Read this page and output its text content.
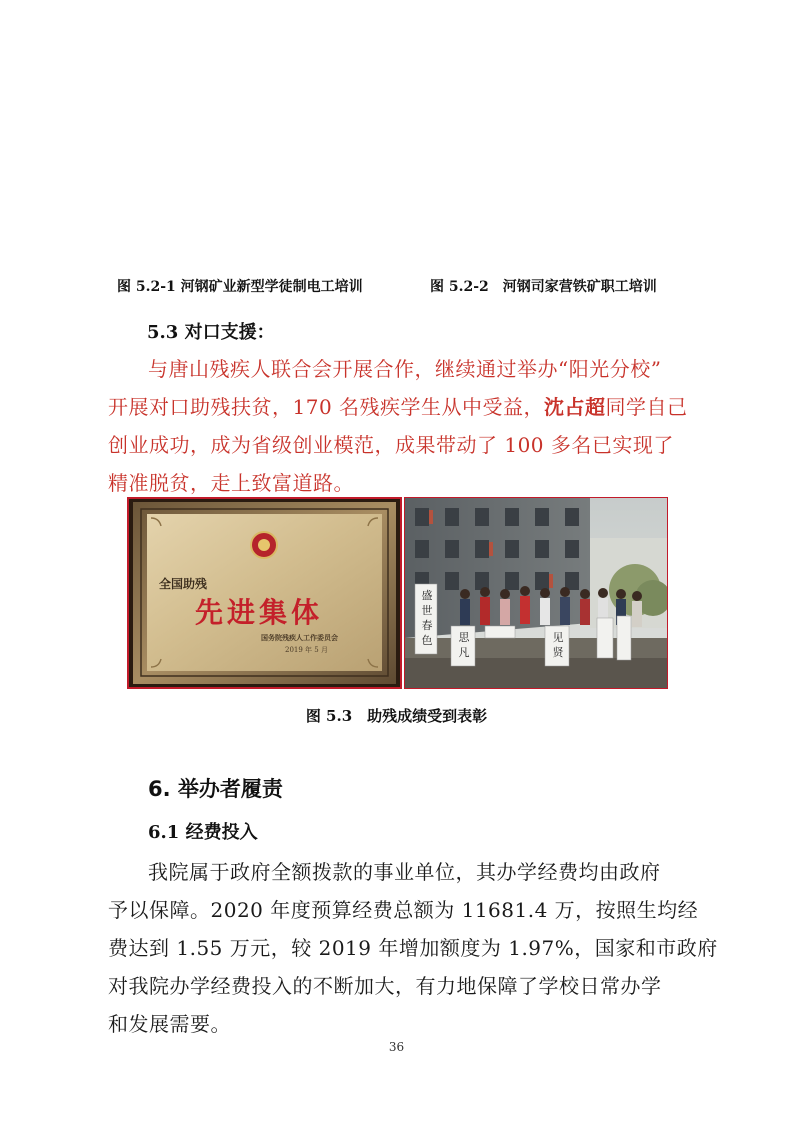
图 5.2-1 河钢矿业新型学徒制电工培训	图 5.2-2　河钢司家营铁矿职工培训
5.3 对口支援：
与唐山残疾人联合会开展合作，继续通过举办“阳光分校”
开展对口助残扶贫，170 名残疾学生从中受益，沈占超同学自己
创业成功，成为省级创业模范，成果带动了 100 多名已实现了
精准脱贫，走上致富道路。
全国助残
先进集体
国务院残疾人工作委员会
2019 年 5 月
盛
世
春
色	思
凡
见
贤
图 5.3　助残成绩受到表彰
6. 举办者履责
6.1 经费投入
我院属于政府全额拨款的事业单位，其办学经费均由政府
予以保障。2020 年度预算经费总额为 11681.4 万，按照生均经
费达到 1.55 万元，较 2019 年增加额度为 1.97%，国家和市政府
对我院办学经费投入的不断加大，有力地保障了学校日常办学
和发展需要。
36
